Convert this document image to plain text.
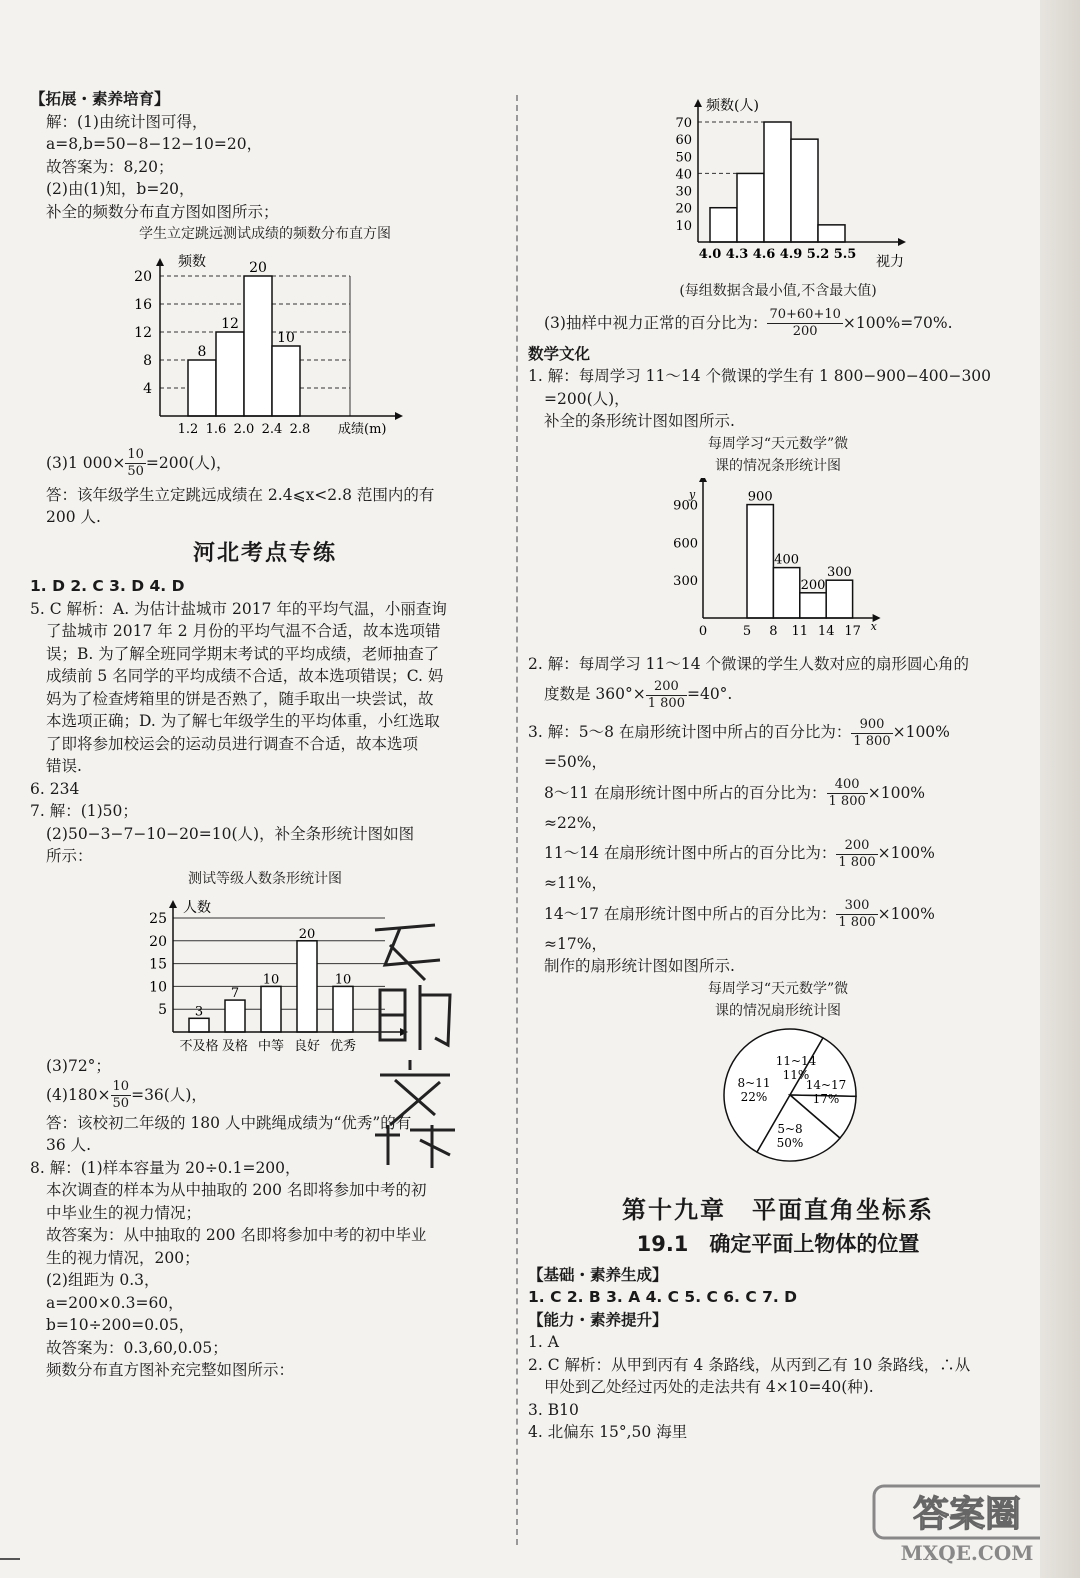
【拓展・素养培育】
解：(1)由统计图可得，
a=8,b=50−8−12−10=20，
故答案为：8,20；
(2)由(1)知，b=20，
补全的频数分布直方图如图所示；
学生立定跳远测试成绩的频数分布直方图
4
8
12
16
20
频数
成绩(m)
1.2 1.6 2.0 2.4 2.8
8
12
20
10
(3)1 $000\times \frac{10}{50} =200$(人)，
答：该年级学生立定跳远成绩在 2.4⩽x<2.8 范围内的有
200 人.
河北考点专练
1. D 2. C 3. D 4. D
5. C 解析：A. 为估计盐城市 2017 年的平均气温，小丽查询
了盐城市 2017 年 2 月份的平均气温不合适，故本选项错
误；B. 为了解全班同学期末考试的平均成绩，老师抽查了
成绩前 5 名同学的平均成绩不合适，故本选项错误；C. 妈
妈为了检查烤箱里的饼是否熟了，随手取出一块尝试，故
本选项正确；D. 为了解七年级学生的平均体重，小红选取
了即将参加校运会的运动员进行调查不合适，故本选项
错误.
6. 234
7. 解：(1)50；
(2)50−3−7−10−20=10(人)，补全条形统计图如图
所示：
测试等级人数条形统计图
5
10
15
20
25
人数
3
不及格
7
及格
10
中等
20
良好
10
优秀
(3)72°；
$(4)180\times \frac{10}{50} =36$(人)，
答：该校初二年级的 180 人中跳绳成绩为“优秀”的有
36 人.
8. 解：(1)样本容量为 20÷0.1=200，
本次调查的样本为从中抽取的 200 名即将参加中考的初
中毕业生的视力情况；
故答案为：从中抽取的 200 名即将参加中考的初中毕业
生的视力情况，200；
(2)组距为 0.3，
a=200×0.3=60，
b=10÷200=0.05，
故答案为：0.3,60,0.05；
频数分布直方图补充完整如图所示：
频数(人)
10
20
30
40
50
60
70
4.0 4.3 4.6 4.9 5.2 5.5 视力
(每组数据含最小值,不含最大值)
(3)抽样中视力正常的百分比为： $\frac{70+60+10}{200} \times 100\%=70\%$.
数学文化
1. 解：每周学习 11～14 个微课的学生有 1 800−900−400−300
=200(人)，
补全的条形统计图如图所示.
每周学习“天元数学”微
课的情况条形统计图
y
300
600
900
900
400
200
300
0	5 8 11 14 17 x
2. 解：每周学习 11～14 个微课的学生人数对应的扇形圆心角的
度数是 $360^\circ\times \frac{200}{1 800} =40^\circ$.
3. 解：5～8 在扇形统计图中所占的百分比为： $\frac{900}{1 800} \times 100\%$
=50%，
8～11 在扇形统计图中所占的百分比为： $\frac{400}{1 800} \times 100\%$
≈22%，
11～14 在扇形统计图中所占的百分比为： $\frac{200}{1 800} \times 100\%$
≈11%，
14～17 在扇形统计图中所占的百分比为： $\frac{300}{1 800} \times 100\%$
≈17%，
制作的扇形统计图如图所示.
每周学习“天元数学”微
课的情况扇形统计图
5~8
50%
8~11
22%
11~14
11%
14~17
17%
第十九章　平面直角坐标系
19.1　确定平面上物体的位置
【基础・素养生成】
1. C 2. B 3. A 4. C 5. C 6. C 7. D
【能力・素养提升】
1. A
2. C 解析：从甲到丙有 4 条路线，从丙到乙有 10 条路线，∴从
甲处到乙处经过丙处的走法共有 4×10=40(种).
3. B10
4. 北偏东 15°,50 海里
答案圈
MXQE.COM
